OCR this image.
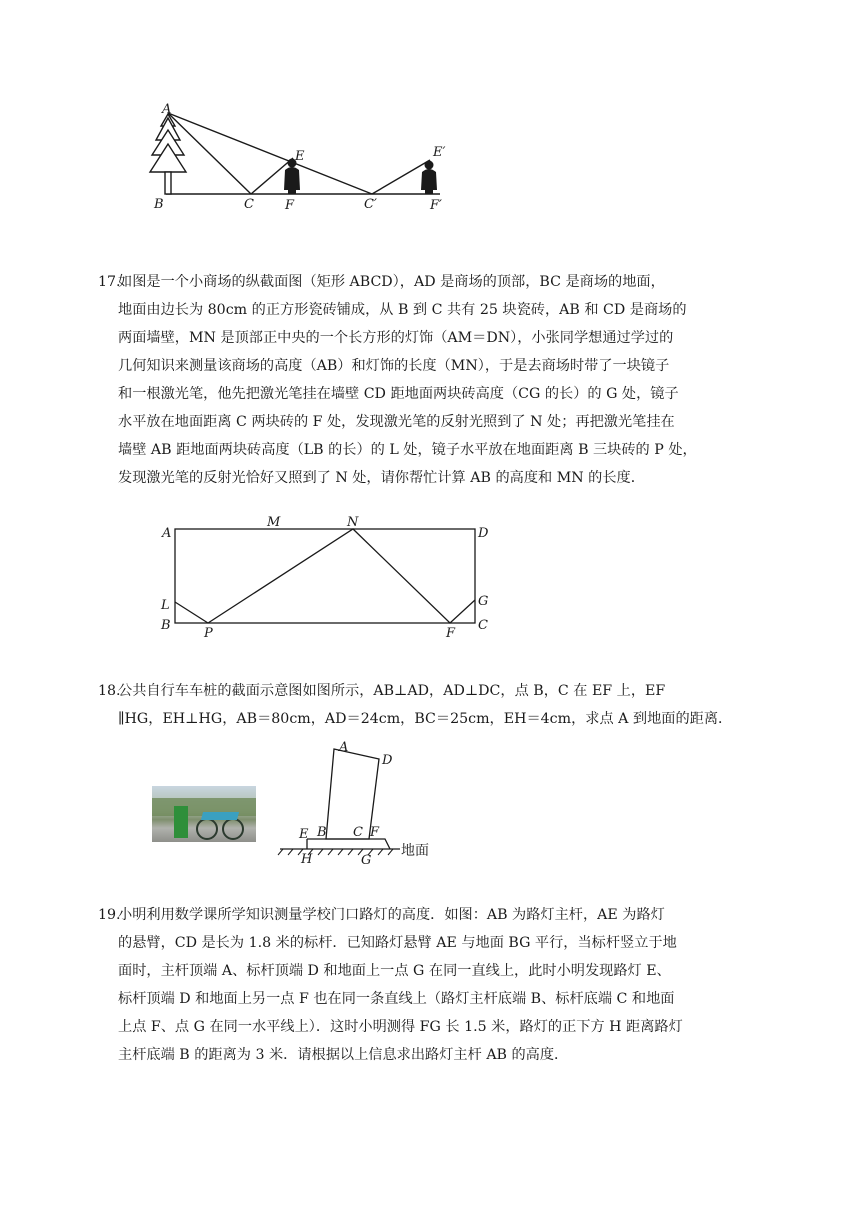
A
B	C F
E
C′
E′
F′
17.
如图是一个小商场的纵截面图（矩形 ABCD），AD 是商场的顶部，BC 是商场的地面，
地面由边长为 80cm 的正方形瓷砖铺成，从 B 到 C 共有 25 块瓷砖，AB 和 CD 是商场的
两面墙壁，MN 是顶部正中央的一个长方形的灯饰（AM＝DN），小张同学想通过学过的
几何知识来测量该商场的高度（AB）和灯饰的长度（MN），于是去商场时带了一块镜子
和一根激光笔，他先把激光笔挂在墙壁 CD 距地面两块砖高度（CG 的长）的 G 处，镜子
水平放在地面距离 C 两块砖的 F 处，发现激光笔的反射光照到了 N 处；再把激光笔挂在
墙壁 AB 距地面两块砖高度（LB 的长）的 L 处，镜子水平放在地面距离 B 三块砖的 P 处，
发现激光笔的反射光恰好又照到了 N 处，请你帮忙计算 AB 的高度和 MN 的长度．
A
M	N
D
L
B
P	F
G
C
18.
公共自行车车桩的截面示意图如图所示，AB⊥AD，AD⊥DC，点 B，C 在 EF 上，EF
∥HG，EH⊥HG，AB＝80cm，AD＝24cm，BC＝25cm，EH＝4cm，求点 A 到地面的距离．
A
D
E B C F
H	G
地面
19.
小明利用数学课所学知识测量学校门口路灯的高度．如图：AB 为路灯主杆，AE 为路灯
的悬臂，CD 是长为 1.8 米的标杆．已知路灯悬臂 AE 与地面 BG 平行，当标杆竖立于地
面时，主杆顶端 A、标杆顶端 D 和地面上一点 G 在同一直线上，此时小明发现路灯 E、
标杆顶端 D 和地面上另一点 F 也在同一条直线上（路灯主杆底端 B、标杆底端 C 和地面
上点 F、点 G 在同一水平线上）．这时小明测得 FG 长 1.5 米，路灯的正下方 H 距离路灯
主杆底端 B 的距离为 3 米．请根据以上信息求出路灯主杆 AB 的高度．
